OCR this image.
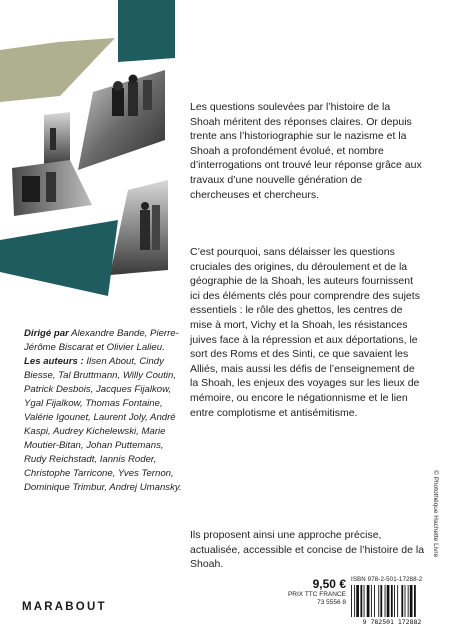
Les questions soulevées par l’histoire de la Shoah méritent des réponses claires. Or depuis trente ans l’historiographie sur le nazisme et la Shoah a profondément évolué, et nombre d’interrogations ont trouvé leur réponse grâce aux travaux d’une nouvelle génération de chercheuses et chercheurs.

C’est pourquoi, sans délaisser les questions cruciales des origines, du déroulement et de la géographie de la Shoah, les auteurs fournissent ici des éléments clés pour comprendre des sujets essentiels : le rôle des ghettos, les centres de mise à mort, Vichy et la Shoah, les résistances juives face à la répression et aux déportations, le sort des Roms et des Sinti, ce que savaient les Alliés, mais aussi les défis de l’enseignement de la Shoah, les enjeux des voyages sur les lieux de mémoire, ou encore le négationnisme et le lien entre complotisme et antisémitisme.

Ils proposent ainsi une approche précise, actualisée, accessible et concise de l’histoire de la Shoah.

Dirigé par Alexandre Bande, Pierre-Jérôme Biscarat et Olivier Lalieu.
Les auteurs : Ilsen About, Cindy Biesse, Tal Bruttmann, Willy Coutin, Patrick Desbois, Jacques Fijalkow, Ygal Fijalkow, Thomas Fontaine, Valérie Igounet, Laurent Joly, André Kaspi, Audrey Kichelewski, Marie Moutier-Bitan, Johan Puttemans, Rudy Reichstadt, Iannis Roder, Christophe Tarricone, Yves Ternon, Dominique Trimbur, Andrej Umansky.
9,50 €
PRIX TTC FRANCE
73 5556 8
ISBN 978-2-501-17288-2
9 782501 172882
© Photothèque Hachette Livre
MARABOUT
